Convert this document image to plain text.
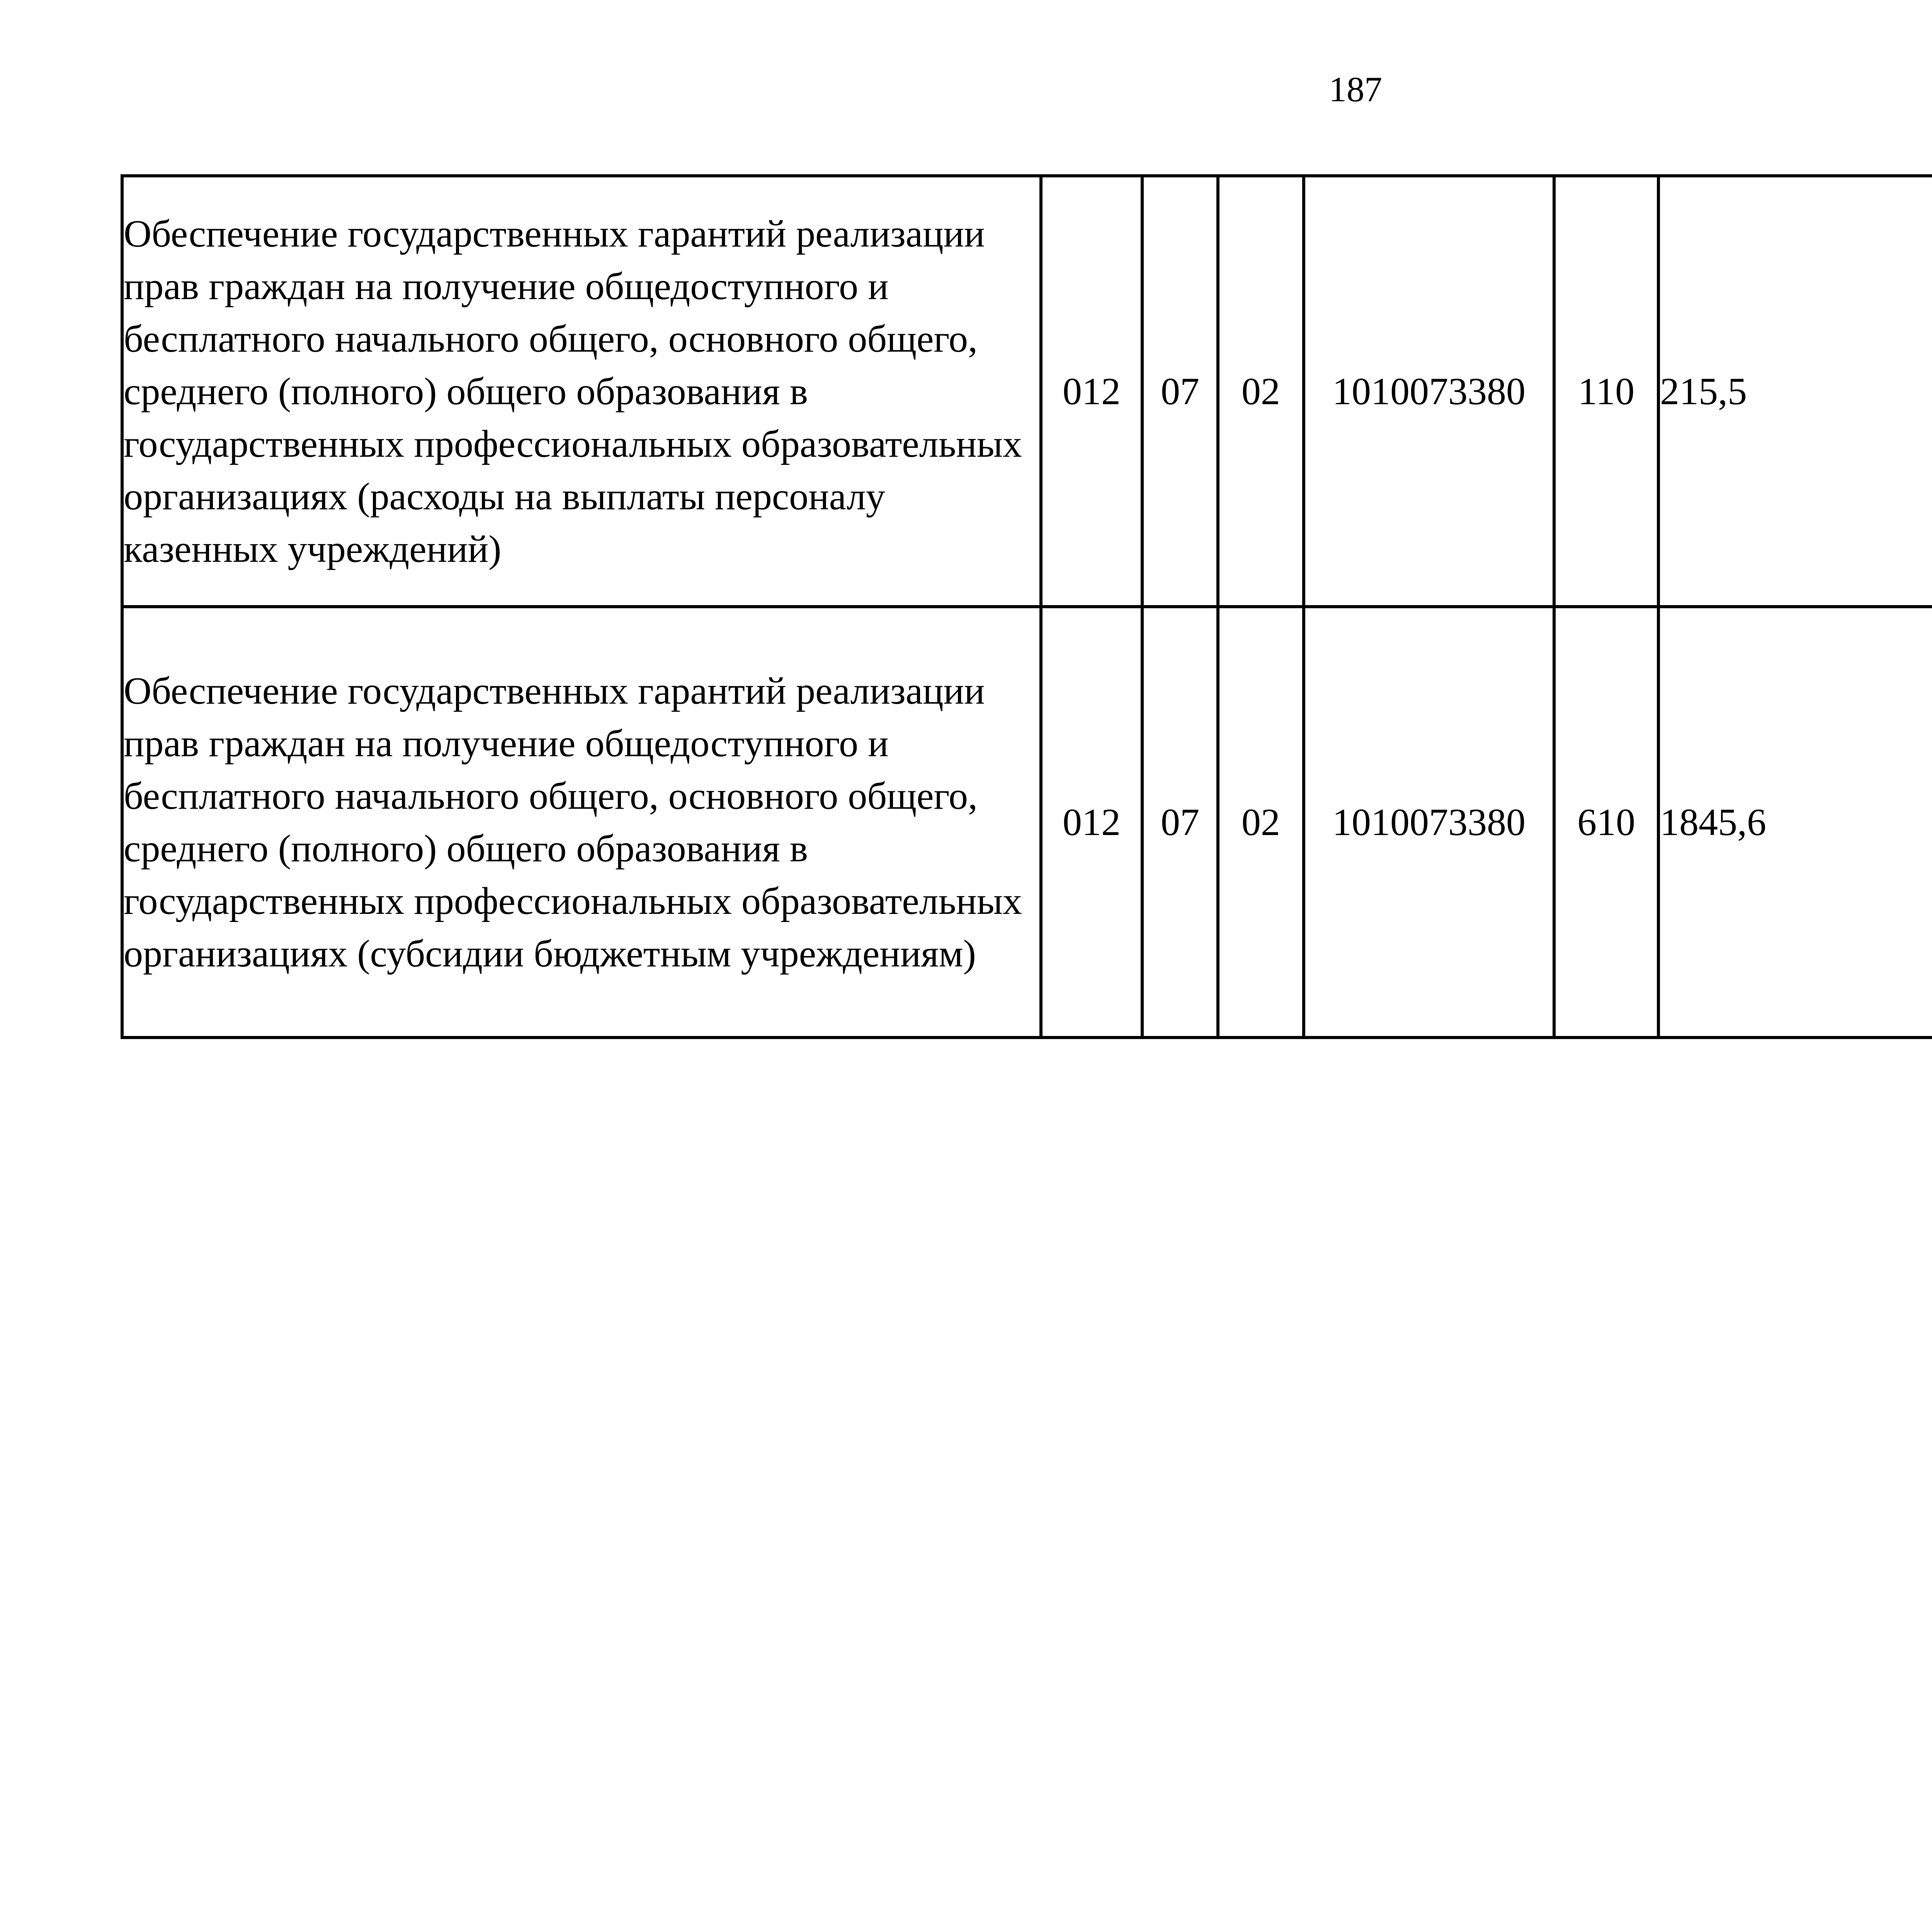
187
Обеспечение государственных гарантий реализации прав граждан на получение общедоступного и бесплатного начального общего, основного общего, среднего (полного) общего образования в государственных профессиональных образовательных организациях (расходы на выплаты персоналу казенных учреждений)	012	07	02	1010073380	110	215,5		
Обеспечение государственных гарантий реализации прав граждан на получение общедоступного и бесплатного начального общего, основного общего, среднего (полного) общего образования в государственных профессиональных образовательных организациях (субсидии бюджетным учреждениям)	012	07	02	1010073380	610	1845,6		
